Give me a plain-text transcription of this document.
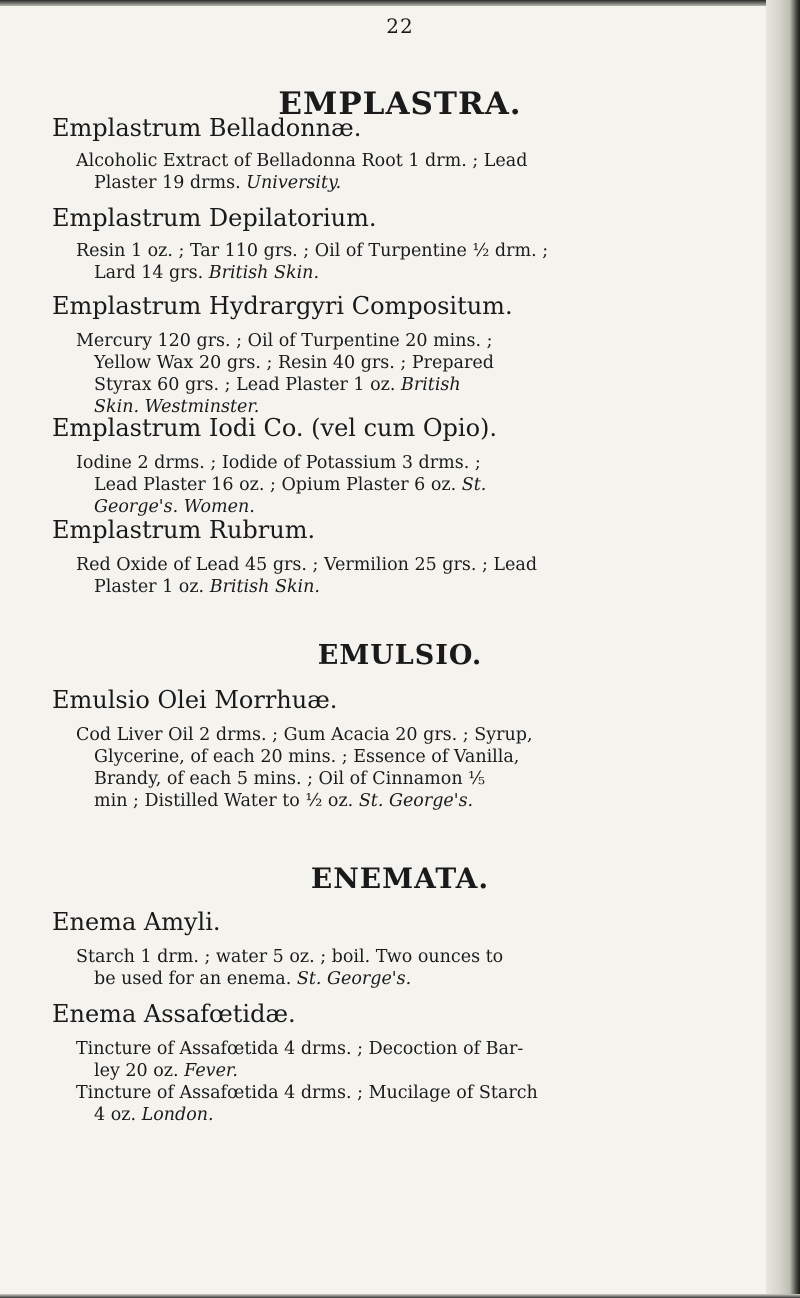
22
EMPLASTRA.
Emplastrum Belladonnæ.
Alcoholic Extract of Belladonna Root 1 drm. ; Lead
Plaster 19 drms. University.
Emplastrum Depilatorium.
Resin 1 oz. ; Tar 110 grs. ; Oil of Turpentine ½ drm. ;
Lard 14 grs. British Skin.
Emplastrum Hydrargyri Compositum.
Mercury 120 grs. ; Oil of Turpentine 20 mins. ;
Yellow Wax 20 grs. ; Resin 40 grs. ; Prepared
Styrax 60 grs. ; Lead Plaster 1 oz. British
Skin. Westminster.
Emplastrum Iodi Co. (vel cum Opio).
Iodine 2 drms. ; Iodide of Potassium 3 drms. ;
Lead Plaster 16 oz. ; Opium Plaster 6 oz. St.
George's. Women.
Emplastrum Rubrum.
Red Oxide of Lead 45 grs. ; Vermilion 25 grs. ; Lead
Plaster 1 oz. British Skin.
EMULSIO.
Emulsio Olei Morrhuæ.
Cod Liver Oil 2 drms. ; Gum Acacia 20 grs. ; Syrup,
Glycerine, of each 20 mins. ; Essence of Vanilla,
Brandy, of each 5 mins. ; Oil of Cinnamon ⅕
min ; Distilled Water to ½ oz. St. George's.
ENEMATA.
Enema Amyli.
Starch 1 drm. ; water 5 oz. ; boil. Two ounces to
be used for an enema. St. George's.
Enema Assafœtidæ.
Tincture of Assafœtida 4 drms. ; Decoction of Bar-
ley 20 oz. Fever.
Tincture of Assafœtida 4 drms. ; Mucilage of Starch
4 oz. London.
